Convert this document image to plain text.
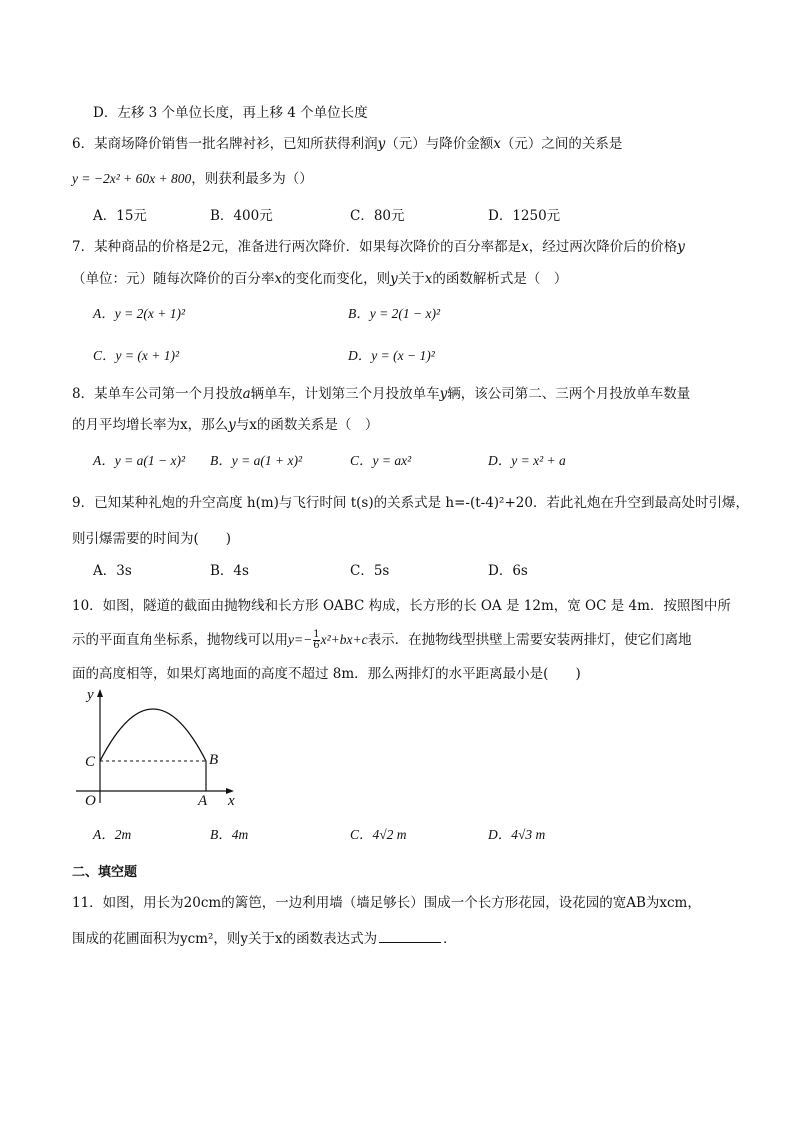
D．左移 3 个单位长度，再上移 4 个单位长度
6．某商场降价销售一批名牌衬衫，已知所获得利润𝑦（元）与降价金额𝑥（元）之间的关系是
y = −2x² + 60x + 800，则获利最多为（）
A．15元	B．400元	C．80元	D．1250元
7．某种商品的价格是2元，准备进行两次降价．如果每次降价的百分率都是𝑥，经过两次降价后的价格𝑦
（单位：元）随每次降价的百分率𝑥的变化而变化，则𝑦关于𝑥的函数解析式是（　）
A．y = 2(x + 1)²	B．y = 2(1 − x)²
C．y = (x + 1)²	D．y = (x − 1)²
8．某单车公司第一个月投放𝑎辆单车，计划第三个月投放单车𝑦辆，该公司第二、三两个月投放单车数量
的月平均增长率为x，那么𝑦与x的函数关系是（　）
A．y = a(1 − x)² B．y = a(1 + x)²	C．y = ax²	D．y = x² + a
9．已知某种礼炮的升空高度 h(m)与飞行时间 t(s)的关系式是 h=-(t-4)²+20．若此礼炮在升空到最高处时引爆，
则引爆需要的时间为(　　)
A．3s	B．4s	C．5s	D．6s
10．如图，隧道的截面由抛物线和长方形 OABC 构成，长方形的长 OA 是 12m，宽 OC 是 4m．按照图中所
示的平面直角坐标系，抛物线可以用$y=- \frac{1}{6} x^2+bx+c$表示．在抛物线型拱壁上需要安装两排灯，使它们离地
面的高度相等，如果灯离地面的高度不超过 8m．那么两排灯的水平距离最小是(　　)
y
x
O	A
B
C
A．2m	B．4m	C．4√2 m	D．4√3 m
二、填空题
11．如图，用长为20cm的篱笆，一边利用墙（墙足够长）围成一个长方形花园，设花园的宽AB为xcm，
围成的花圃面积为ycm²，则y关于x的函数表达式为	．
